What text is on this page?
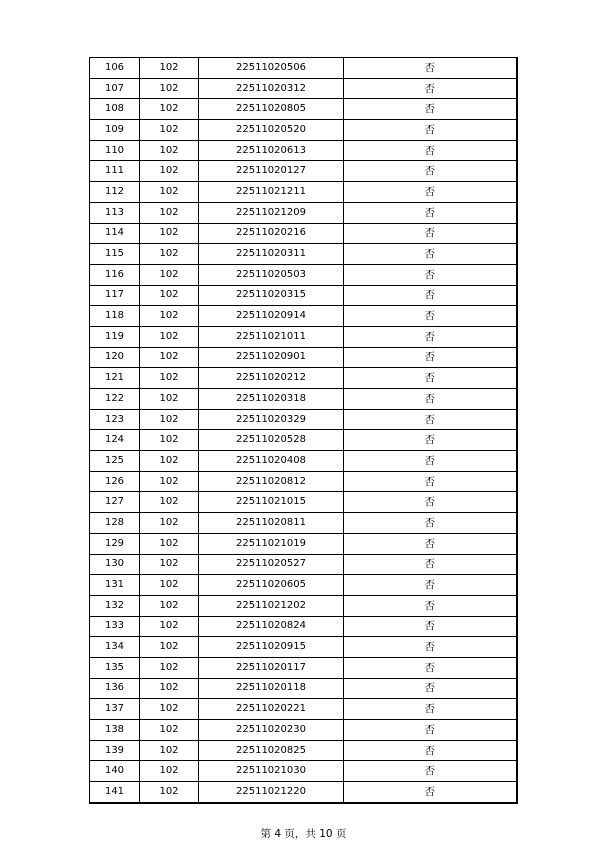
106	102	22511020506	否
107	102	22511020312	否
108	102	22511020805	否
109	102	22511020520	否
110	102	22511020613	否
111	102	22511020127	否
112	102	22511021211	否
113	102	22511021209	否
114	102	22511020216	否
115	102	22511020311	否
116	102	22511020503	否
117	102	22511020315	否
118	102	22511020914	否
119	102	22511021011	否
120	102	22511020901	否
121	102	22511020212	否
122	102	22511020318	否
123	102	22511020329	否
124	102	22511020528	否
125	102	22511020408	否
126	102	22511020812	否
127	102	22511021015	否
128	102	22511020811	否
129	102	22511021019	否
130	102	22511020527	否
131	102	22511020605	否
132	102	22511021202	否
133	102	22511020824	否
134	102	22511020915	否
135	102	22511020117	否
136	102	22511020118	否
137	102	22511020221	否
138	102	22511020230	否
139	102	22511020825	否
140	102	22511021030	否
141	102	22511021220	否
第 4 页，共 10 页
